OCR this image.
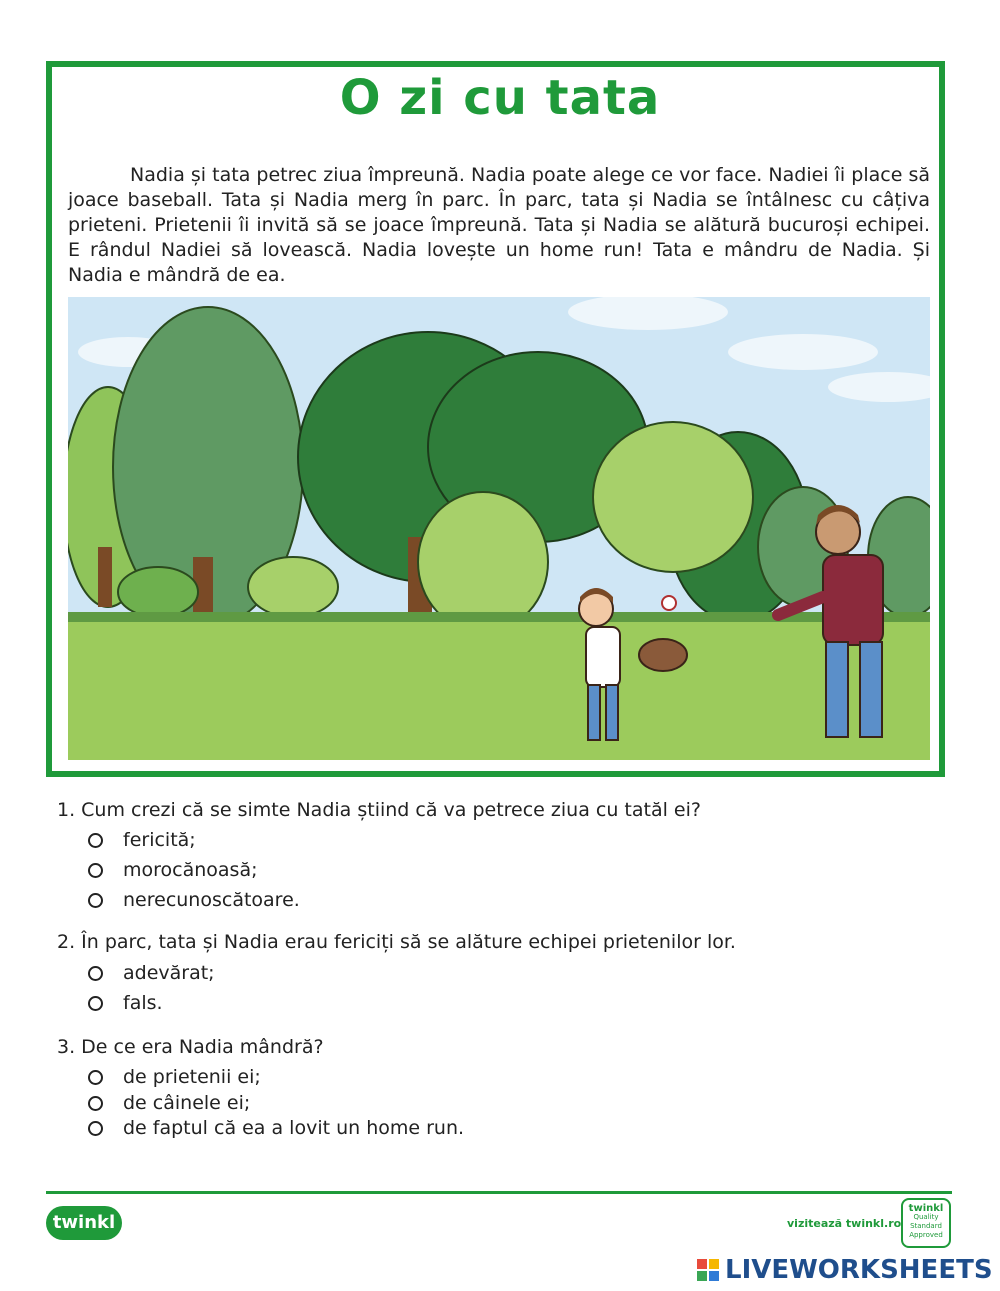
O zi cu tata

Nadia și tata petrec ziua împreună. Nadia poate alege ce vor face. Nadiei îi place să joace baseball. Tata și Nadia merg în parc. În parc, tata și Nadia se întâlnesc cu câțiva prieteni. Prietenii îi invită să se joace împreună. Tata și Nadia se alătură bucuroși echipei. E rândul Nadiei să lovească. Nadia lovește un home run! Tata e mândru de Nadia. Și Nadia e mândră de ea.

1. Cum crezi că se simte Nadia știind că va petrece ziua cu tatăl ei?
fericită;
morocănoasă;
nerecunoscătoare.
2. În parc, tata și Nadia erau fericiți să se alăture echipei prietenilor lor.
adevărat;
fals.
3. De ce era Nadia mândră?
de prietenii ei;
de câinele ei;
de faptul că ea a lovit un home run.
twinkl	vizitează twinkl.ro
twinkl
Quality Standard Approved
LIVEWORKSHEETS
